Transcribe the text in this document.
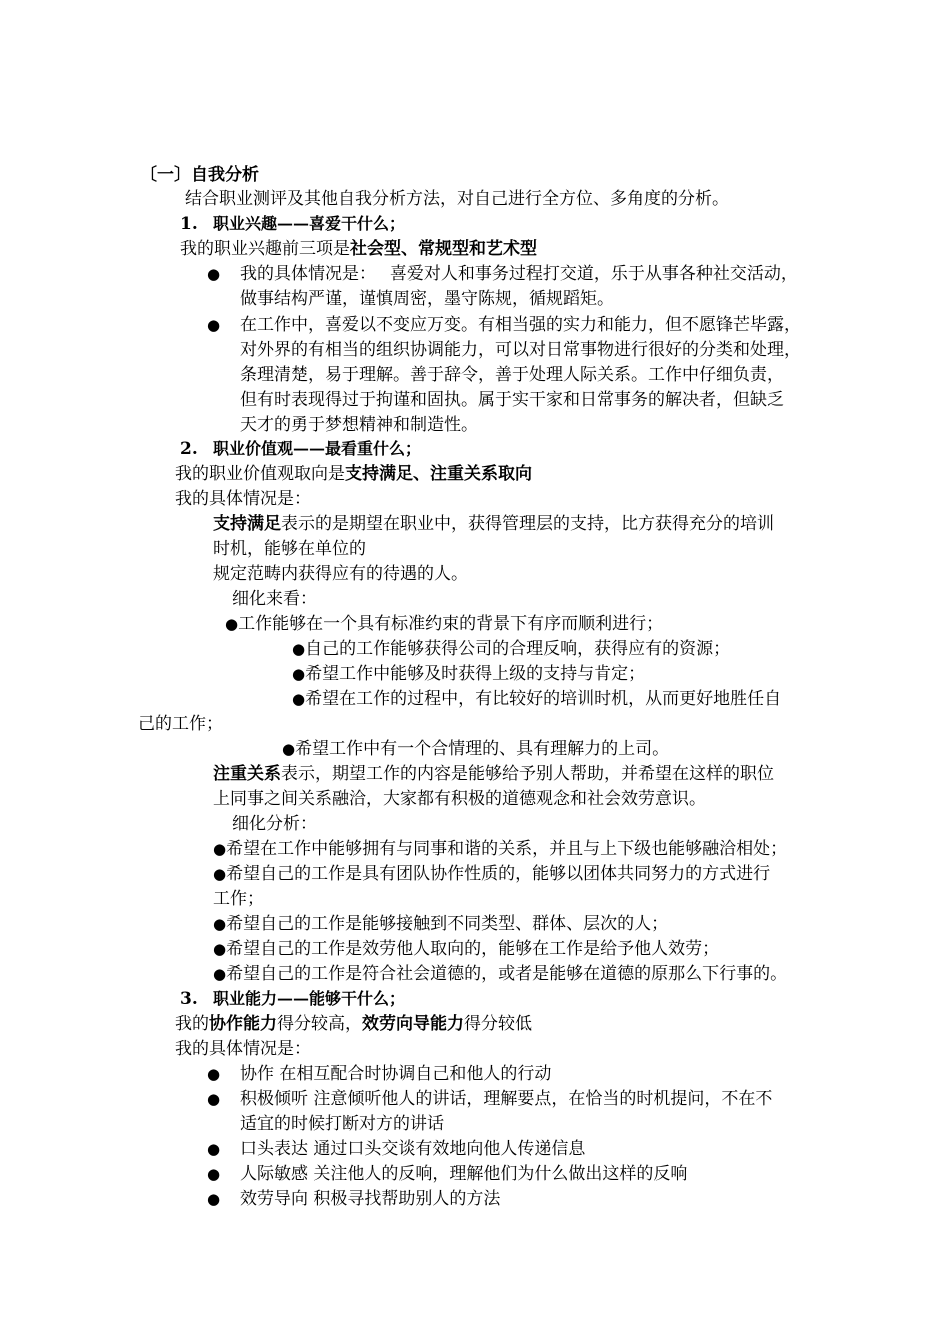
〔一〕自我分析
结合职业测评及其他自我分析方法，对自己进行全方位、多角度的分析。
1. 职业兴趣——喜爱干什么；
我的职业兴趣前三项是社会型、常规型和艺术型
● 我的具体情况是：　 喜爱对人和事务过程打交道，乐于从事各种社交活动，
做事结构严谨，谨慎周密，墨守陈规，循规蹈矩。
● 在工作中，喜爱以不变应万变。有相当强的实力和能力，但不愿锋芒毕露，
对外界的有相当的组织协调能力，可以对日常事物进行很好的分类和处理，
条理清楚，易于理解。善于辞令，善于处理人际关系。工作中仔细负责，
但有时表现得过于拘谨和固执。属于实干家和日常事务的解决者，但缺乏
天才的勇于梦想精神和制造性。
2. 职业价值观——最看重什么；
我的职业价值观取向是支持满足、注重关系取向
我的具体情况是：
支持满足表示的是期望在职业中，获得管理层的支持，比方获得充分的培训
时机，能够在单位的
规定范畴内获得应有的待遇的人。
细化来看：
●工作能够在一个具有标准约束的背景下有序而顺利进行；
●自己的工作能够获得公司的合理反响，获得应有的资源；
●希望工作中能够及时获得上级的支持与肯定；
●希望在工作的过程中，有比较好的培训时机，从而更好地胜任自
己的工作；
●希望工作中有一个合情理的、具有理解力的上司。
注重关系表示，期望工作的内容是能够给予别人帮助，并希望在这样的职位
上同事之间关系融洽，大家都有积极的道德观念和社会效劳意识。
细化分析：
●希望在工作中能够拥有与同事和谐的关系，并且与上下级也能够融洽相处；
●希望自己的工作是具有团队协作性质的，能够以团体共同努力的方式进行
工作；
●希望自己的工作是能够接触到不同类型、群体、层次的人；
●希望自己的工作是效劳他人取向的，能够在工作是给予他人效劳；
●希望自己的工作是符合社会道德的，或者是能够在道德的原那么下行事的。
3. 职业能力——能够干什么；
我的协作能力得分较高，效劳向导能力得分较低
我的具体情况是：
● 协作 在相互配合时协调自己和他人的行动
● 积极倾听 注意倾听他人的讲话，理解要点，在恰当的时机提问，不在不
适宜的时候打断对方的讲话
● 口头表达 通过口头交谈有效地向他人传递信息
● 人际敏感 关注他人的反响，理解他们为什么做出这样的反响
● 效劳导向 积极寻找帮助别人的方法
